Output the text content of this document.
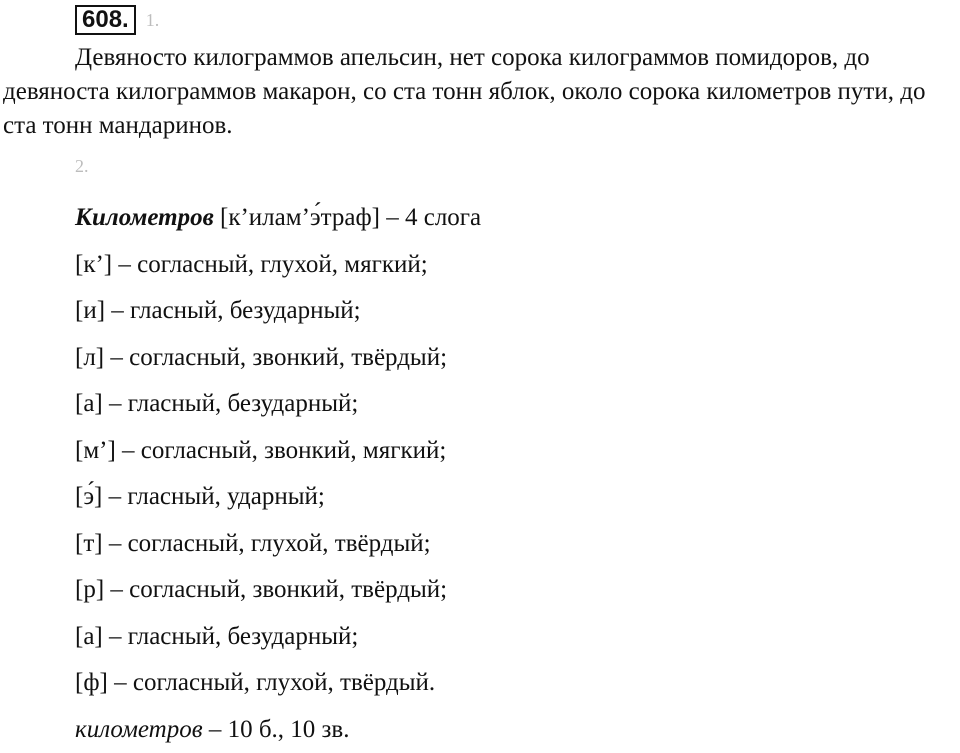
608. 1.

Девяносто килограммов апельсин, нет сорока килограммов помидоров, до девяноста килограммов макарон, со ста тонн яблок, около сорока километров пути, до ста тонн мандаринов.

2.
Километров [к’илам’э́траф] – 4 слога
[к’] – согласный, глухой, мягкий;
[и] – гласный, безударный;
[л] – согласный, звонкий, твёрдый;
[а] – гласный, безударный;
[м’] – согласный, звонкий, мягкий;
[э́] – гласный, ударный;
[т] – согласный, глухой, твёрдый;
[р] – согласный, звонкий, твёрдый;
[а] – гласный, безударный;
[ф] – согласный, глухой, твёрдый.
километров – 10 б., 10 зв.
